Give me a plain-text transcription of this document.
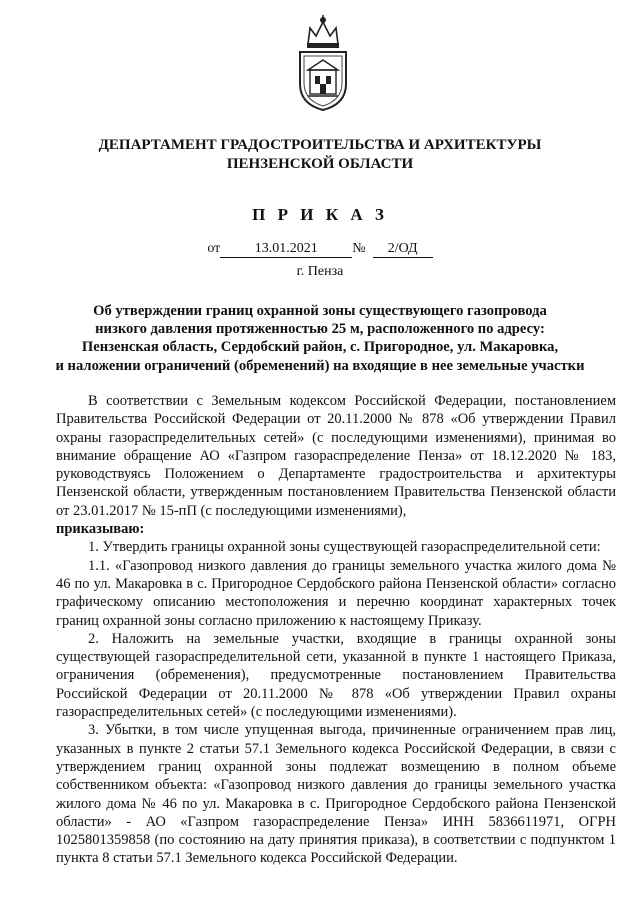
ДЕПАРТАМЕНТ ГРАДОСТРОИТЕЛЬСТВА И АРХИТЕКТУРЫ
ПЕНЗЕНСКОЙ ОБЛАСТИ
П Р И К А З
от 13.01.2021 № 2/ОД
г. Пенза
Об утверждении границ охранной зоны существующего газопровода
низкого давления протяженностью 25 м, расположенного по адресу:
Пензенская область, Сердобский район, с. Пригородное, ул. Макаровка,
и наложении ограничений (обременений) на входящие в нее земельные участки

В соответствии с Земельным кодексом Российской Федерации, постановлением Правительства Российской Федерации от 20.11.2000 № 878 «Об утверждении Правил охраны газораспределительных сетей» (с последующими изменениями), принимая во внимание обращение АО «Газпром газораспределение Пенза» от 18.12.2020 № 183, руководствуясь Положением о Департаменте градостроительства и архитектуры Пензенской области, утвержденным постановлением Правительства Пензенской области от 23.01.2017 № 15-пП (с последующими изменениями),

приказываю:

1. Утвердить границы охранной зоны существующей газораспределительной сети:

1.1. «Газопровод низкого давления до границы земельного участка жилого дома № 46 по ул. Макаровка в с. Пригородное Сердобского района Пензенской области» согласно графическому описанию местоположения и перечню координат характерных точек границ охранной зоны согласно приложению к настоящему Приказу.

2. Наложить на земельные участки, входящие в границы охранной зоны существующей газораспределительной сети, указанной в пункте 1 настоящего Приказа, ограничения (обременения), предусмотренные постановлением Правительства Российской Федерации от 20.11.2000 № 878 «Об утверждении Правил охраны газораспределительных сетей» (с последующими изменениями).

3. Убытки, в том числе упущенная выгода, причиненные ограничением прав лиц, указанных в пункте 2 статьи 57.1 Земельного кодекса Российской Федерации, в связи с утверждением границ охранной зоны подлежат возмещению в полном объеме собственником объекта: «Газопровод низкого давления до границы земельного участка жилого дома № 46 по ул. Макаровка в с. Пригородное Сердобского района Пензенской области» - АО «Газпром газораспределение Пенза» ИНН 5836611971, ОГРН 1025801359858 (по состоянию на дату принятия приказа), в соответствии с подпунктом 1 пункта 8 статьи 57.1 Земельного кодекса Российской Федерации.
